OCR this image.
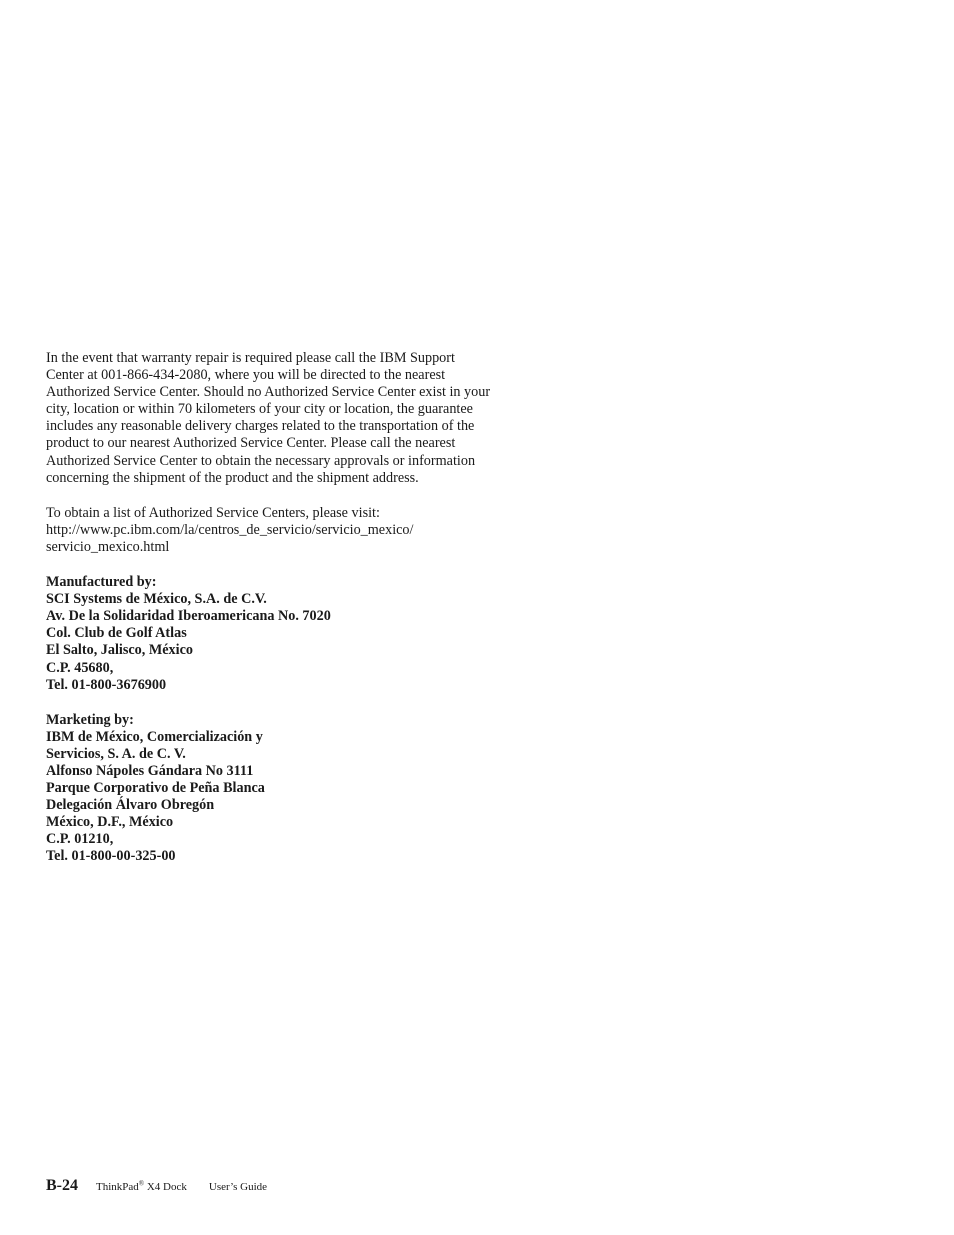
In the event that warranty repair is required please call the IBM Support
Center at 001-866-434-2080, where you will be directed to the nearest
Authorized Service Center. Should no Authorized Service Center exist in your
city, location or within 70 kilometers of your city or location, the guarantee
includes any reasonable delivery charges related to the transportation of the
product to our nearest Authorized Service Center. Please call the nearest
Authorized Service Center to obtain the necessary approvals or information
concerning the shipment of the product and the shipment address.

To obtain a list of Authorized Service Centers, please visit:
http://www.pc.ibm.com/la/centros_de_servicio/servicio_mexico/
servicio_mexico.html

Manufactured by:
SCI Systems de México, S.A. de C.V.
Av. De la Solidaridad Iberoamericana No. 7020
Col. Club de Golf Atlas
El Salto, Jalisco, México
C.P. 45680,
Tel. 01-800-3676900
Marketing by:
IBM de México, Comercialización y
Servicios, S. A. de C. V.
Alfonso Nápoles Gándara No 3111
Parque Corporativo de Peña Blanca
Delegación Álvaro Obregón
México, D.F., México
C.P. 01210,
Tel. 01-800-00-325-00
B-24 ThinkPad® X4 Dock User’s Guide
